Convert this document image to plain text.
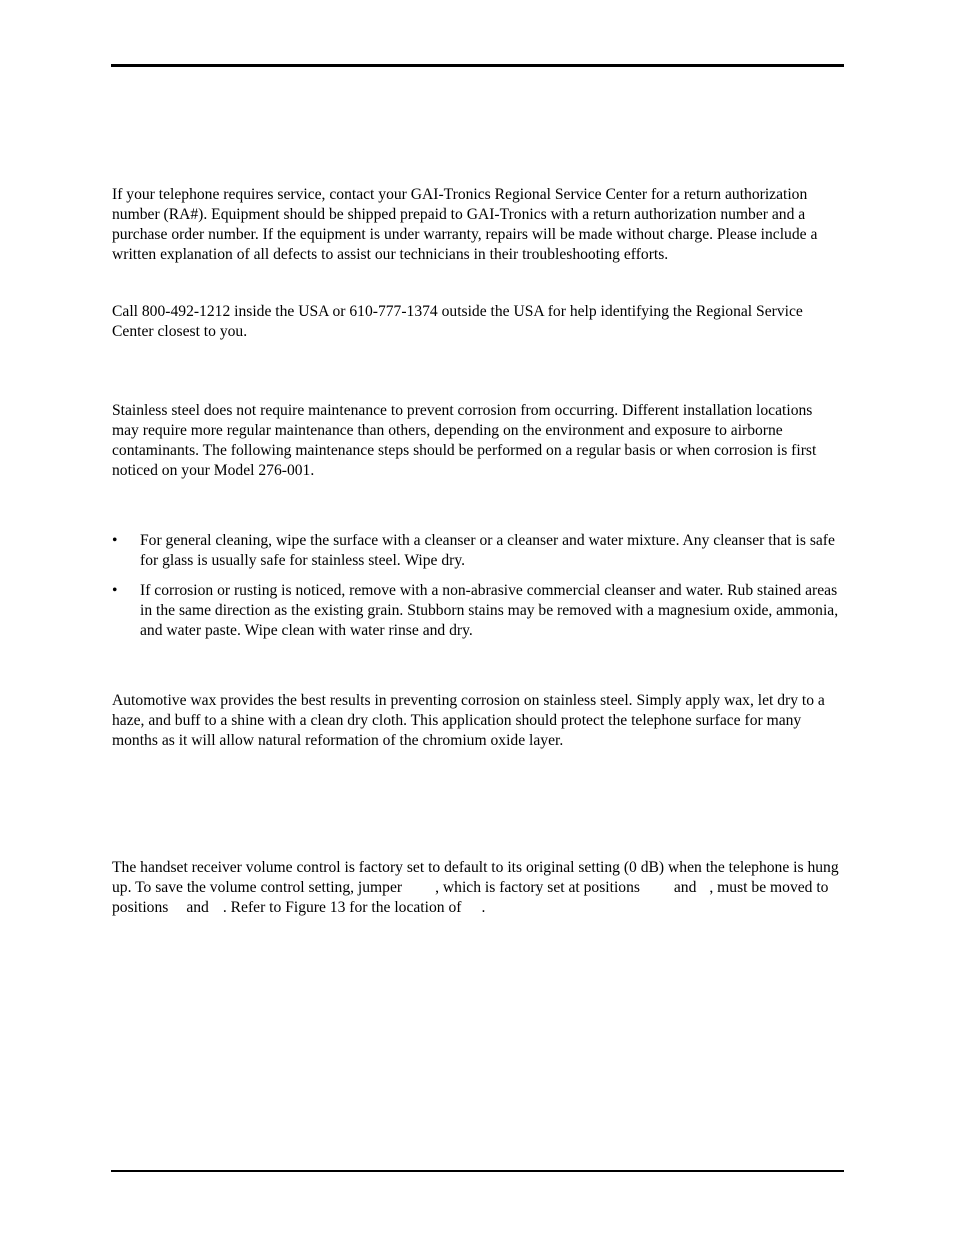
If your telephone requires service, contact your GAI-Tronics Regional Service Center for a return authorization number (RA#). Equipment should be shipped prepaid to GAI-Tronics with a return authorization number and a purchase order number. If the equipment is under warranty, repairs will be made without charge. Please include a written explanation of all defects to assist our technicians in their troubleshooting efforts.

Call 800-492-1212 inside the USA or 610-777-1374 outside the USA for help identifying the Regional Service Center closest to you.

Stainless steel does not require maintenance to prevent corrosion from occurring. Different installation locations may require more regular maintenance than others, depending on the environment and exposure to airborne contaminants. The following maintenance steps should be performed on a regular basis or when corrosion is first noticed on your Model 276-001.

• For general cleaning, wipe the surface with a cleanser or a cleanser and water mixture. Any cleanser that is safe for glass is usually safe for stainless steel. Wipe dry.
• If corrosion or rusting is noticed, remove with a non-abrasive commercial cleanser and water. Rub stained areas in the same direction as the existing grain. Stubborn stains may be removed with a magnesium oxide, ammonia, and water paste. Wipe clean with water rinse and dry.

Automotive wax provides the best results in preventing corrosion on stainless steel. Simply apply wax, let dry to a haze, and buff to a shine with a clean dry cloth. This application should protect the telephone surface for many months as it will allow natural reformation of the chromium oxide layer.

The handset receiver volume control is factory set to default to its original setting (0 dB) when the telephone is hung up. To save the volume control setting, jumper , which is factory set at positions and , must be moved to positions and . Refer to Figure 13 for the location of .
